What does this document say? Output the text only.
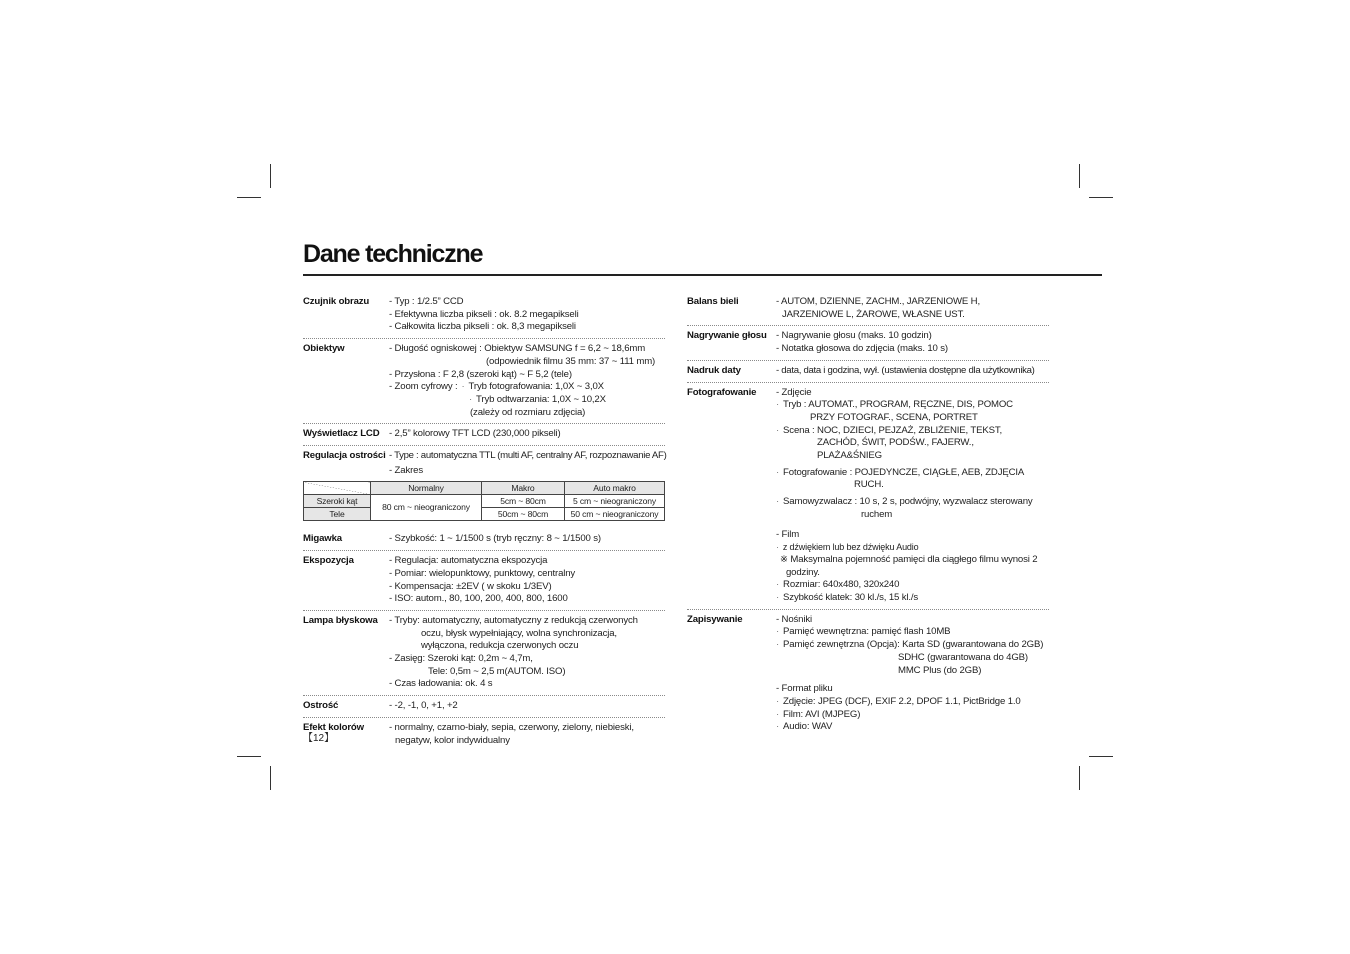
Dane techniczne
Czujnik obrazu	- Typ : 1/2.5” CCD
- Efektywna liczba pikseli : ok. 8.2 megapikseli
- Całkowita liczba pikseli : ok. 8,3 megapikseli
Obiektyw	- Długość ogniskowej : Obiektyw SAMSUNG f = 6,2 ~ 18,6mm
(odpowiednik filmu 35 mm: 37 ~ 111 mm)
- Przysłona : F 2,8 (szeroki kąt) ~ F 5,2 (tele)
- Zoom cyfrowy : · Tryb fotografowania: 1,0X ~ 3,0X
· Tryb odtwarzania: 1,0X ~ 10,2X
(zależy od rozmiaru zdjęcia)
Wyświetlacz LCD - 2,5” kolorowy TFT LCD (230,000 pikseli)
Regulacja ostrości - Type : automatyczna TTL (multi AF, centralny AF, rozpoznawanie AF)
- Zakres
	Normalny	Makro	Auto makro
Szeroki kąt	80 cm ~ nieograniczony	5cm ~ 80cm	5 cm ~ nieograniczony
Tele		50cm ~ 80cm	50 cm ~ nieograniczony
Migawka	- Szybkość: 1 ~ 1/1500 s (tryb ręczny: 8 ~ 1/1500 s)
Ekspozycja	- Regulacja: automatyczna ekspozycja
- Pomiar: wielopunktowy, punktowy, centralny
- Kompensacja: ±2EV ( w skoku 1/3EV)
- ISO: autom., 80, 100, 200, 400, 800, 1600
Lampa błyskowa	- Tryby: automatyczny, automatyczny z redukcją czerwonych
oczu, błysk wypełniający, wolna synchronizacja,
wyłączona, redukcja czerwonych oczu
- Zasięg: Szeroki kąt: 0,2m ~ 4,7m,
Tele: 0,5m ~ 2,5 m(AUTOM. ISO)
- Czas ładowania: ok. 4 s
Ostrość	- -2, -1, 0, +1, +2
Efekt kolorów	- normalny, czarno-biały, sepia, czerwony, zielony, niebieski,
negatyw, kolor indywidualny
Balans bieli	- AUTOM, DZIENNE, ZACHM., JARZENIOWE H,
JARZENIOWE L, ŻAROWE, WŁASNE UST.
Nagrywanie głosu - Nagrywanie głosu (maks. 10 godzin)
- Notatka głosowa do zdjęcia (maks. 10 s)
Nadruk daty	- data, data i godzina, wył. (ustawienia dostępne dla użytkownika)
Fotografowanie	- Zdjęcie
· Tryb : AUTOMAT., PROGRAM, RĘCZNE, DIS, POMOC
PRZY FOTOGRAF., SCENA, PORTRET
· Scena : NOC, DZIECI, PEJZAŻ, ZBLIŻENIE, TEKST,
ZACHÓD, ŚWIT, PODŚW., FAJERW.,
PLAŻA&ŚNIEG
· Fotografowanie : POJEDYNCZE, CIĄGŁE, AEB, ZDJĘCIA
RUCH.
· Samowyzwalacz : 10 s, 2 s, podwójny, wyzwalacz sterowany
ruchem
- Film
· z dźwiękiem lub bez dźwięku Audio
※ Maksymalna pojemność pamięci dla ciągłego filmu wynosi 2
godziny.
· Rozmiar: 640x480, 320x240
· Szybkość klatek: 30 kl./s, 15 kl./s
Zapisywanie	- Nośniki
· Pamięć wewnętrzna: pamięć flash 10MB
· Pamięć zewnętrzna (Opcja): Karta SD (gwarantowana do 2GB)
SDHC (gwarantowana do 4GB)
MMC Plus (do 2GB)
- Format pliku
· Zdjęcie: JPEG (DCF), EXIF 2.2, DPOF 1.1, PictBridge 1.0
· Film: AVI (MJPEG)
· Audio: WAV
【12】
